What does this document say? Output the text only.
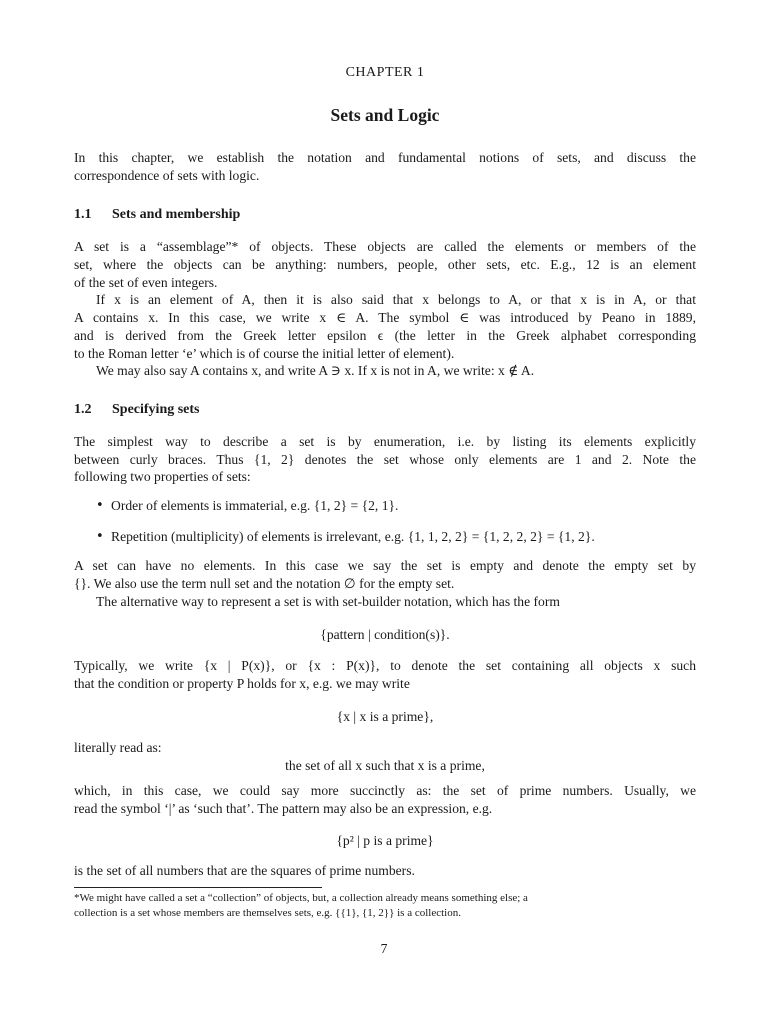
CHAPTER 1
Sets and Logic

In this chapter, we establish the notation and fundamental notions of sets, and discuss the

correspondence of sets with logic.

1.1 Sets and membership

A set is a “assemblage”* of objects. These objects are called the elements or members of the

set, where the objects can be anything: numbers, people, other sets, etc. E.g., 12 is an element

of the set of even integers.

If x is an element of A, then it is also said that x belongs to A, or that x is in A, or that

A contains x. In this case, we write x ∈ A. The symbol ∈ was introduced by Peano in 1889,

and is derived from the Greek letter epsilon ϵ (the letter in the Greek alphabet corresponding

to the Roman letter ‘e’ which is of course the initial letter of element).

We may also say A contains x, and write A ∋ x. If x is not in A, we write: x ∉ A.

1.2 Specifying sets

The simplest way to describe a set is by enumeration, i.e. by listing its elements explicitly

between curly braces. Thus {1, 2} denotes the set whose only elements are 1 and 2. Note the

following two properties of sets:

• Order of elements is immaterial, e.g. {1, 2} = {2, 1}.

• Repetition (multiplicity) of elements is irrelevant, e.g. {1, 1, 2, 2} = {1, 2, 2, 2} = {1, 2}.

A set can have no elements. In this case we say the set is empty and denote the empty set by

{}. We also use the term null set and the notation ∅ for the empty set.

The alternative way to represent a set is with set-builder notation, which has the form

{pattern | condition(s)}.

Typically, we write {x | P(x)}, or {x : P(x)}, to denote the set containing all objects x such

that the condition or property P holds for x, e.g. we may write

{x | x is a prime},

literally read as:

the set of all x such that x is a prime,

which, in this case, we could say more succinctly as: the set of prime numbers. Usually, we

read the symbol ‘|’ as ‘such that’. The pattern may also be an expression, e.g.

{p² | p is a prime}

is the set of all numbers that are the squares of prime numbers.

*We might have called a set a “collection” of objects, but, a collection already means something else; a
collection is a set whose members are themselves sets, e.g. {{1}, {1, 2}} is a collection.
7
